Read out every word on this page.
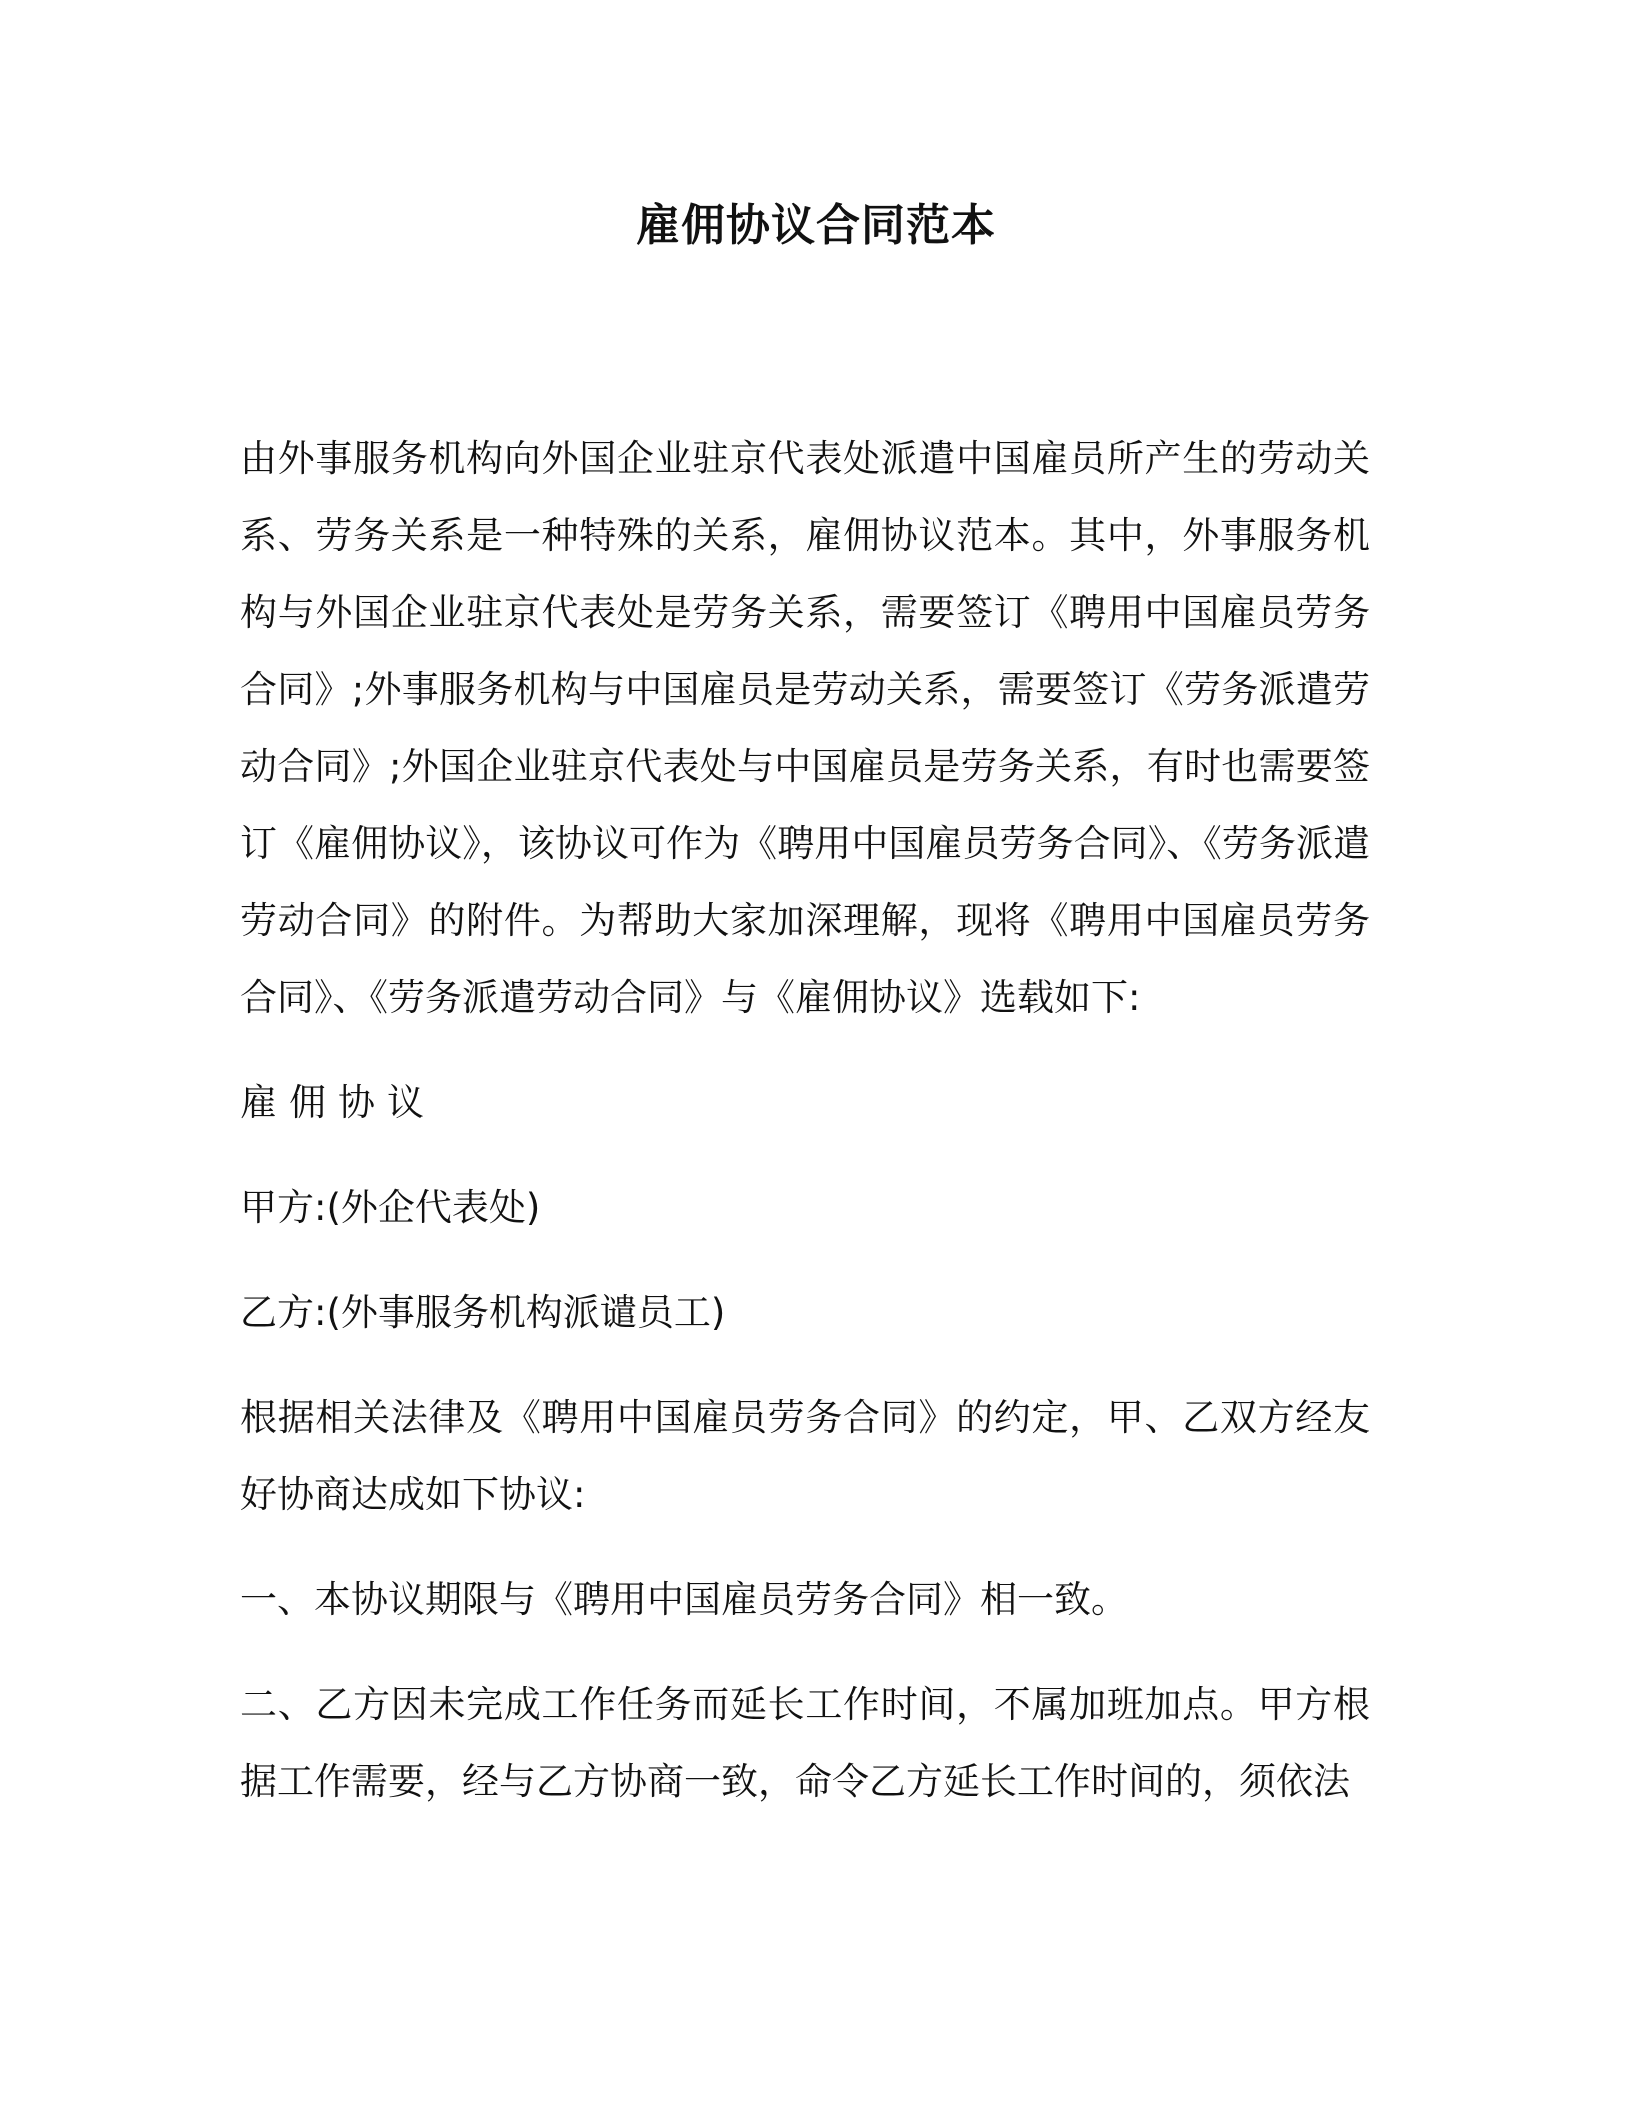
雇佣协议合同范本

由外事服务机构向外国企业驻京代表处派遣中国雇员所产生的劳动关系、劳务关系是一种特殊的关系，雇佣协议范本。其中，外事服务机构与外国企业驻京代表处是劳务关系，需要签订《聘用中国雇员劳务合同》;外事服务机构与中国雇员是劳动关系，需要签订《劳务派遣劳动合同》;外国企业驻京代表处与中国雇员是劳务关系，有时也需要签订《雇佣协议》，该协议可作为《聘用中国雇员劳务合同》、《劳务派遣劳动合同》的附件。为帮助大家加深理解，现将《聘用中国雇员劳务合同》、《劳务派遣劳动合同》与《雇佣协议》选载如下:

雇佣协议

甲方:(外企代表处)

乙方:(外事服务机构派谴员工)

根据相关法律及《聘用中国雇员劳务合同》的约定，甲、乙双方经友好协商达成如下协议:

一、本协议期限与《聘用中国雇员劳务合同》相一致。

二、乙方因未完成工作任务而延长工作时间，不属加班加点。甲方根据工作需要，经与乙方协商一致，命令乙方延长工作时间的，须依法
